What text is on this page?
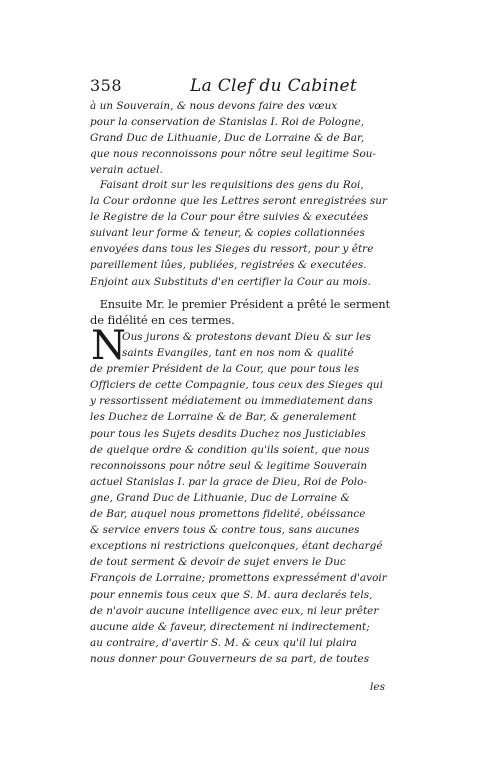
358	La Clef du Cabinet
à un Souverain, & nous devons faire des vœux
pour la conservation de Stanislas I. Roi de Pologne,
Grand Duc de Lithuanie, Duc de Lorraine & de Bar,
que nous reconnoissons pour nôtre seul legitime Sou-
verain actuel.
Faisant droit sur les requisitions des gens du Roi,
la Cour ordonne que les Lettres seront enregistrées sur
le Registre de la Cour pour être suivies & executées
suivant leur forme & teneur, & copies collationnées
envoyées dans tous les Sieges du ressort, pour y être
pareillement lûes, publiées, registrées & executées.
Enjoint aux Substituts d'en certifier la Cour au mois.
Ensuite Mr. le premier Président a prêté le serment
de fidélité en ces termes.
N
Ous jurons & protestons devant Dieu & sur les
saints Evangiles, tant en nos nom & qualité
de premier Président de la Cour, que pour tous les
Officiers de cette Compagnie, tous ceux des Sieges qui
y ressortissent médiatement ou immediatement dans
les Duchez de Lorraine & de Bar, & generalement
pour tous les Sujets desdits Duchez nos Justiciables
de quelque ordre & condition qu'ils soient, que nous
reconnoissons pour nôtre seul & legitime Souverain
actuel Stanislas I. par la grace de Dieu, Roi de Polo-
gne, Grand Duc de Lithuanie, Duc de Lorraine &
de Bar, auquel nous promettons fidelité, obéissance
& service envers tous & contre tous, sans aucunes
exceptions ni restrictions quelconques, étant dechargé
de tout serment & devoir de sujet envers le Duc
François de Lorraine; promettons expressément d'avoir
pour ennemis tous ceux que S. M. aura declarés tels,
de n'avoir aucune intelligence avec eux, ni leur prêter
aucune aide & faveur, directement ni indirectement;
au contraire, d'avertir S. M. & ceux qu'il lui plaira
nous donner pour Gouverneurs de sa part, de toutes
les
